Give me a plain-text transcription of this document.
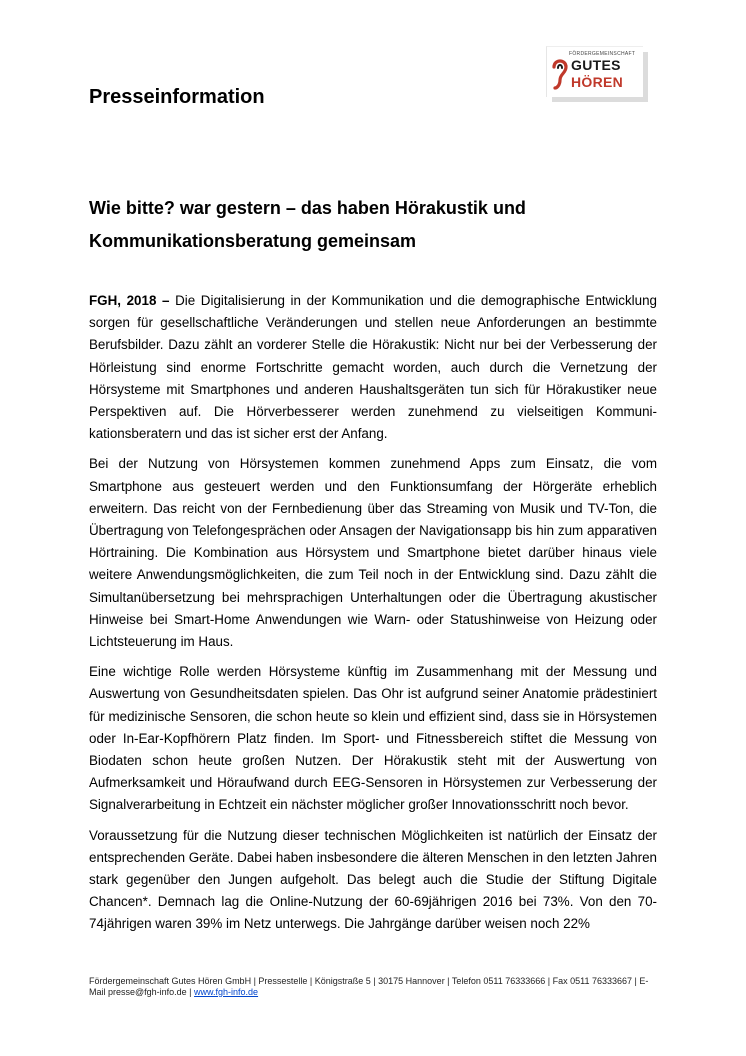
FÖRDERGEMEINSCHAFT
GUTES
HÖREN
Presseinformation
Wie bitte? war gestern – das haben Hörakustik und Kommunikationsberatung gemeinsam

FGH, 2018 – Die Digitalisierung in der Kommunikation und die demographische Entwicklung sorgen für gesellschaftliche Veränderungen und stellen neue Anforderungen an bestimmte Berufsbilder. Dazu zählt an vorderer Stelle die Hörakustik: Nicht nur bei der Verbesserung der Hörleistung sind enorme Fortschritte gemacht worden, auch durch die Vernetzung der Hörsysteme mit Smartphones und anderen Haushaltsgeräten tun sich für Hörakustiker neue Perspektiven auf. Die Hörverbesserer werden zunehmend zu vielseitigen Kommunikationsberatern und das ist sicher erst der Anfang.

Bei der Nutzung von Hörsystemen kommen zunehmend Apps zum Einsatz, die vom Smartphone aus gesteuert werden und den Funktionsumfang der Hörgeräte erheblich erweitern. Das reicht von der Fernbedienung über das Streaming von Musik und TV-Ton, die Übertragung von Telefongesprächen oder Ansagen der Navigationsapp bis hin zum apparativen Hörtraining. Die Kombination aus Hörsystem und Smartphone bietet darüber hinaus viele weitere Anwendungsmöglichkeiten, die zum Teil noch in der Entwicklung sind. Dazu zählt die Simultanübersetzung bei mehrsprachigen Unterhaltungen oder die Übertragung akustischer Hinweise bei Smart-Home Anwendungen wie Warn- oder Statushinweise von Heizung oder Lichtsteuerung im Haus.

Eine wichtige Rolle werden Hörsysteme künftig im Zusammenhang mit der Messung und Auswertung von Gesundheitsdaten spielen. Das Ohr ist aufgrund seiner Anatomie prädestiniert für medizinische Sensoren, die schon heute so klein und effizient sind, dass sie in Hörsystemen oder In-Ear-Kopfhörern Platz finden. Im Sport- und Fitnessbereich stiftet die Messung von Biodaten schon heute großen Nutzen. Der Hörakustik steht mit der Auswertung von Aufmerksamkeit und Höraufwand durch EEG-Sensoren in Hörsystemen zur Verbesserung der Signalverarbeitung in Echtzeit ein nächster möglicher großer Innovationsschritt noch bevor.

Voraussetzung für die Nutzung dieser technischen Möglichkeiten ist natürlich der Einsatz der entsprechenden Geräte. Dabei haben insbesondere die älteren Menschen in den letzten Jahren stark gegenüber den Jungen aufgeholt. Das belegt auch die Studie der Stiftung Digitale Chancen*. Demnach lag die Online-Nutzung der 60-69jährigen 2016 bei 73%. Von den 70-74jährigen waren 39% im Netz unterwegs. Die Jahrgänge darüber weisen noch 22%

Fördergemeinschaft Gutes Hören GmbH | Pressestelle | Königstraße 5 | 30175 Hannover | Telefon 0511 76333666 | Fax 0511 76333667 | E-Mail presse@fgh-info.de | www.fgh-info.de
